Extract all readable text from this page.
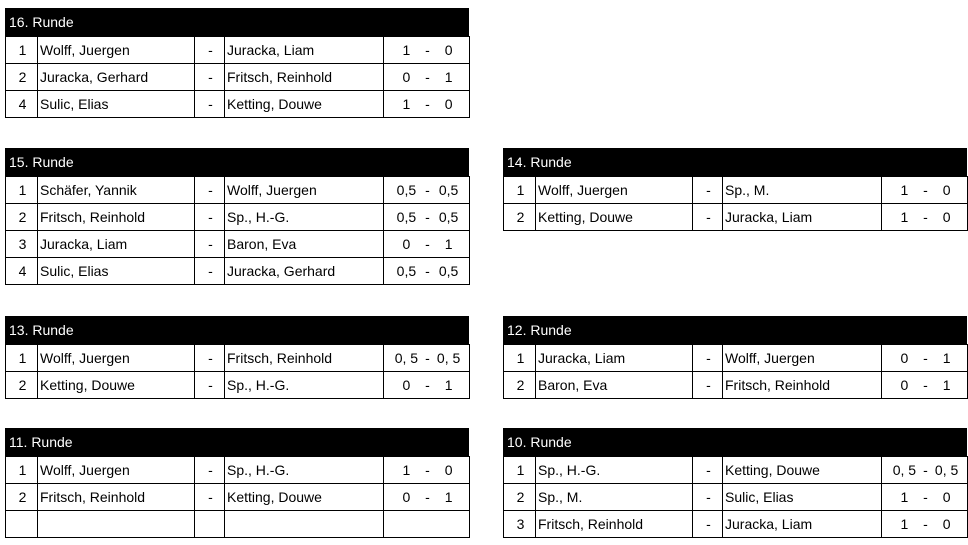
16. Runde
1	Wolff, Juergen	-	Juracka, Liam	1 - 0

2	Juracka, Gerhard	-	Fritsch, Reinhold	0 - 1

4	Sulic, Elias	-	Ketting, Douwe	1 - 0
15. Runde
1	Schäfer, Yannik	-	Wolff, Juergen	0,5 - 0,5

2	Fritsch, Reinhold	-	Sp., H.-G.	0,5 - 0,5

3	Juracka, Liam	-	Baron, Eva	0 - 1

4	Sulic, Elias	-	Juracka, Gerhard	0,5 - 0,5
14. Runde
1	Wolff, Juergen	-	Sp., M.	1 - 0

2	Ketting, Douwe	-	Juracka, Liam	1 - 0
13. Runde
1	Wolff, Juergen	-	Fritsch, Reinhold	0, 5 - 0, 5

2	Ketting, Douwe	-	Sp., H.-G.	0 - 1
12. Runde
1	Juracka, Liam	-	Wolff, Juergen	0 - 1

2	Baron, Eva	-	Fritsch, Reinhold	0 - 1
11. Runde
1	Wolff, Juergen	-	Sp., H.-G.	1 - 0

2	Fritsch, Reinhold	-	Ketting, Douwe	0 - 1

10. Runde
1	Sp., H.-G.	-	Ketting, Douwe	0, 5 - 0, 5

2	Sp., M.	-	Sulic, Elias	1 - 0

3	Fritsch, Reinhold	-	Juracka, Liam	1 - 0
